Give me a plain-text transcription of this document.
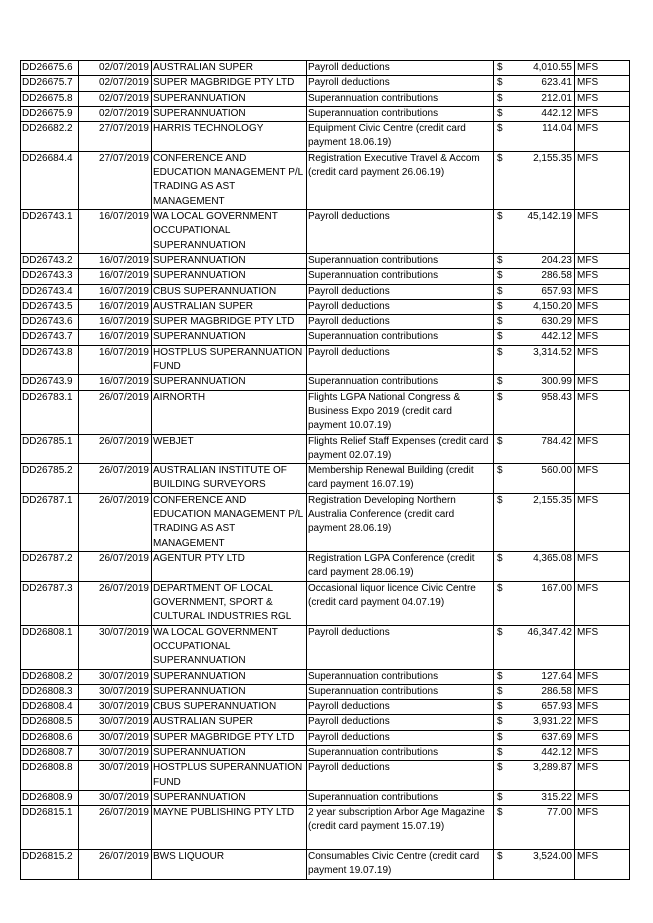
DD26675.6	02/07/2019	AUSTRALIAN SUPER	Payroll deductions	$	4,010.55	MFS
DD26675.7	02/07/2019	SUPER MAGBRIDGE PTY LTD	Payroll deductions	$	623.41	MFS
DD26675.8	02/07/2019	SUPERANNUATION	Superannuation contributions	$	212.01	MFS
DD26675.9	02/07/2019	SUPERANNUATION	Superannuation contributions	$	442.12	MFS
DD26682.2	27/07/2019	HARRIS TECHNOLOGY	Equipment Civic Centre (credit card payment 18.06.19)	$	114.04	MFS
DD26684.4	27/07/2019	CONFERENCE AND EDUCATION MANAGEMENT P/L TRADING AS AST MANAGEMENT	Registration Executive Travel & Accom (credit card payment 26.06.19)	$	2,155.35	MFS
DD26743.1	16/07/2019	WA LOCAL GOVERNMENT OCCUPATIONAL SUPERANNUATION	Payroll deductions	$	45,142.19	MFS
DD26743.2	16/07/2019	SUPERANNUATION	Superannuation contributions	$	204.23	MFS
DD26743.3	16/07/2019	SUPERANNUATION	Superannuation contributions	$	286.58	MFS
DD26743.4	16/07/2019	CBUS SUPERANNUATION	Payroll deductions	$	657.93	MFS
DD26743.5	16/07/2019	AUSTRALIAN SUPER	Payroll deductions	$	4,150.20	MFS
DD26743.6	16/07/2019	SUPER MAGBRIDGE PTY LTD	Payroll deductions	$	630.29	MFS
DD26743.7	16/07/2019	SUPERANNUATION	Superannuation contributions	$	442.12	MFS
DD26743.8	16/07/2019	HOSTPLUS SUPERANNUATION FUND	Payroll deductions	$	3,314.52	MFS
DD26743.9	16/07/2019	SUPERANNUATION	Superannuation contributions	$	300.99	MFS
DD26783.1	26/07/2019	AIRNORTH	Flights LGPA National Congress & Business Expo 2019 (credit card payment 10.07.19)	$	958.43	MFS
DD26785.1	26/07/2019	WEBJET	Flights Relief Staff Expenses (credit card payment 02.07.19)	$	784.42	MFS
DD26785.2	26/07/2019	AUSTRALIAN INSTITUTE OF BUILDING SURVEYORS	Membership Renewal Building (credit card payment 16.07.19)	$	560.00	MFS
DD26787.1	26/07/2019	CONFERENCE AND EDUCATION MANAGEMENT P/L TRADING AS AST MANAGEMENT	Registration Developing Northern Australia Conference (credit card payment 28.06.19)	$	2,155.35	MFS
DD26787.2	26/07/2019	AGENTUR PTY LTD	Registration LGPA Conference (credit card payment 28.06.19)	$	4,365.08	MFS
DD26787.3	26/07/2019	DEPARTMENT OF LOCAL GOVERNMENT, SPORT & CULTURAL INDUSTRIES RGL	Occasional liquor licence Civic Centre (credit card payment 04.07.19)	$	167.00	MFS
DD26808.1	30/07/2019	WA LOCAL GOVERNMENT OCCUPATIONAL SUPERANNUATION	Payroll deductions	$	46,347.42	MFS
DD26808.2	30/07/2019	SUPERANNUATION	Superannuation contributions	$	127.64	MFS
DD26808.3	30/07/2019	SUPERANNUATION	Superannuation contributions	$	286.58	MFS
DD26808.4	30/07/2019	CBUS SUPERANNUATION	Payroll deductions	$	657.93	MFS
DD26808.5	30/07/2019	AUSTRALIAN SUPER	Payroll deductions	$	3,931.22	MFS
DD26808.6	30/07/2019	SUPER MAGBRIDGE PTY LTD	Payroll deductions	$	637.69	MFS
DD26808.7	30/07/2019	SUPERANNUATION	Superannuation contributions	$	442.12	MFS
DD26808.8	30/07/2019	HOSTPLUS SUPERANNUATION FUND	Payroll deductions	$	3,289.87	MFS
DD26808.9	30/07/2019	SUPERANNUATION	Superannuation contributions	$	315.22	MFS
DD26815.1	26/07/2019	MAYNE PUBLISHING PTY LTD	2 year subscription Arbor Age Magazine (credit card payment 15.07.19)	$	77.00	MFS
DD26815.2	26/07/2019	BWS LIQUOUR	Consumables Civic Centre (credit card payment 19.07.19)	$	3,524.00	MFS
